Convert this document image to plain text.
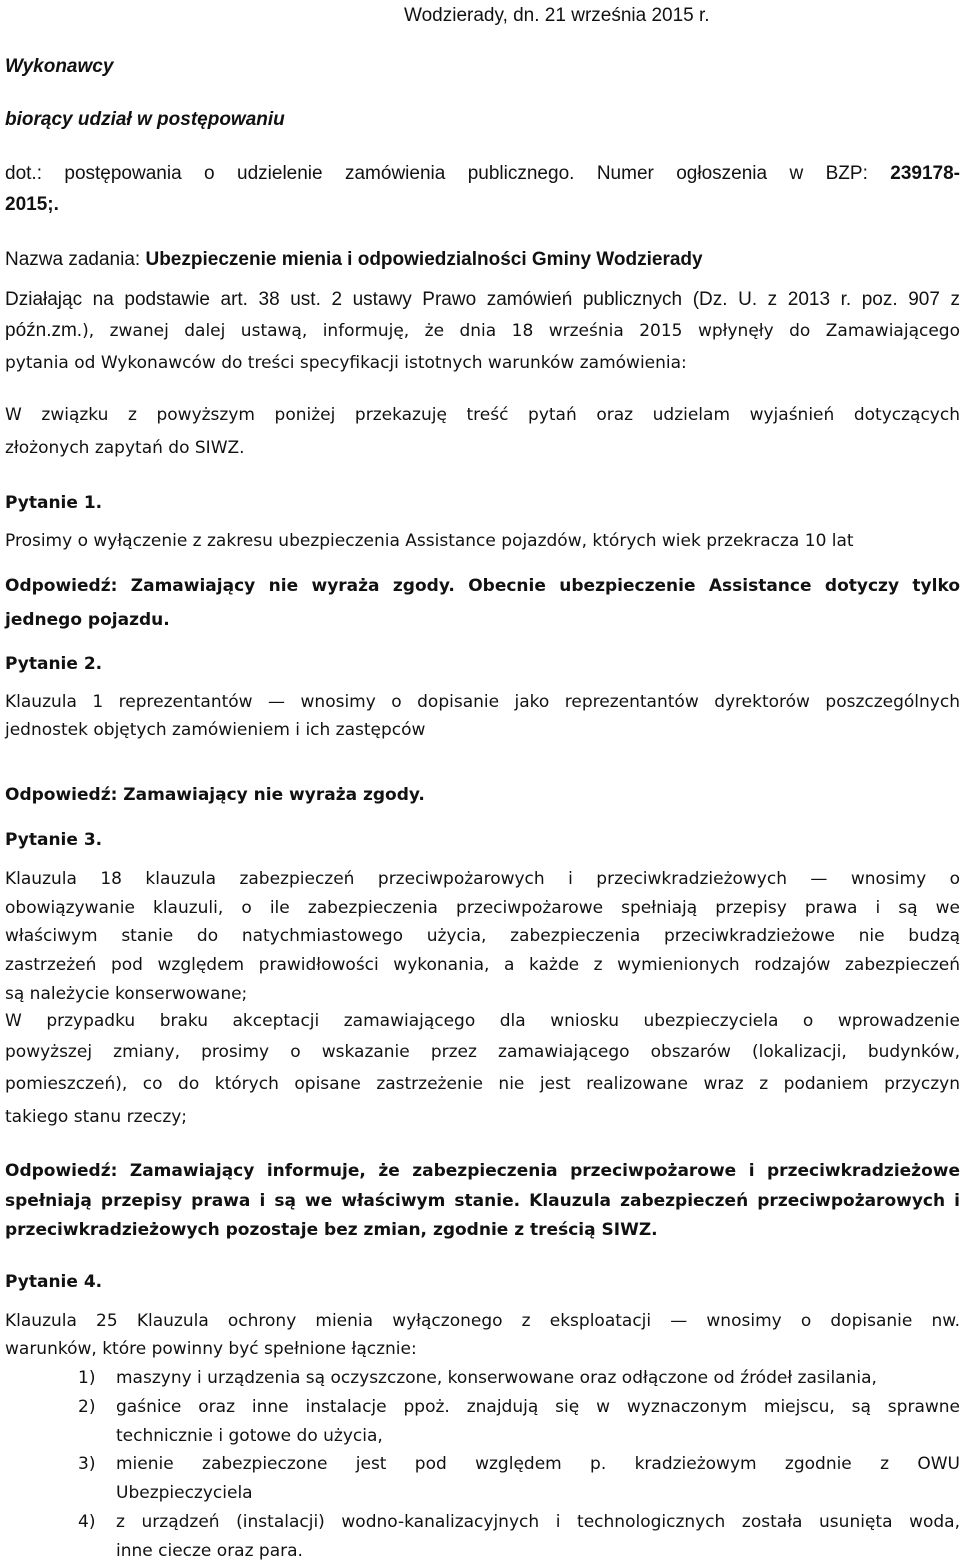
Wodzierady, dn. 21 września 2015 r.

Wykonawcy

biorący udział w postępowaniu

dot.: postępowania o udzielenie zamówienia publicznego. Numer ogłoszenia w BZP: 239178-

2015;.

Nazwa zadania: Ubezpieczenie mienia i odpowiedzialności Gminy Wodzierady

Działając na podstawie art. 38 ust. 2 ustawy Prawo zamówień publicznych (Dz. U. z 2013 r. poz. 907 z

późn.zm.), zwanej dalej ustawą, informuję, że dnia 18 września 2015 wpłynęły do Zamawiającego

pytania od Wykonawców do treści specyfikacji istotnych warunków zamówienia:

W związku z powyższym poniżej przekazuję treść pytań oraz udzielam wyjaśnień dotyczących

złożonych zapytań do SIWZ.

Pytanie 1.

Prosimy o wyłączenie z zakresu ubezpieczenia Assistance pojazdów, których wiek przekracza 10 lat

Odpowiedź: Zamawiający nie wyraża zgody. Obecnie ubezpieczenie Assistance dotyczy tylko

jednego pojazdu.

Pytanie 2.

Klauzula 1 reprezentantów — wnosimy o dopisanie jako reprezentantów dyrektorów poszczególnych

jednostek objętych zamówieniem i ich zastępców

Odpowiedź: Zamawiający nie wyraża zgody.

Pytanie 3.

Klauzula 18 klauzula zabezpieczeń przeciwpożarowych i przeciwkradzieżowych — wnosimy o

obowiązywanie klauzuli, o ile zabezpieczenia przeciwpożarowe spełniają przepisy prawa i są we

właściwym stanie do natychmiastowego użycia, zabezpieczenia przeciwkradzieżowe nie budzą

zastrzeżeń pod względem prawidłowości wykonania, a każde z wymienionych rodzajów zabezpieczeń

są należycie konserwowane;

W przypadku braku akceptacji zamawiającego dla wniosku ubezpieczyciela o wprowadzenie

powyższej zmiany, prosimy o wskazanie przez zamawiającego obszarów (lokalizacji, budynków,

pomieszczeń), co do których opisane zastrzeżenie nie jest realizowane wraz z podaniem przyczyn

takiego stanu rzeczy;

Odpowiedź: Zamawiający informuje, że zabezpieczenia przeciwpożarowe i przeciwkradzieżowe

spełniają przepisy prawa i są we właściwym stanie. Klauzula zabezpieczeń przeciwpożarowych i

przeciwkradzieżowych pozostaje bez zmian, zgodnie z treścią SIWZ.

Pytanie 4.

Klauzula 25 Klauzula ochrony mienia wyłączonego z eksploatacji — wnosimy o dopisanie nw.

warunków, które powinny być spełnione łącznie:

1) maszyny i urządzenia są oczyszczone, konserwowane oraz odłączone od źródeł zasilania,

2) gaśnice oraz inne instalacje ppoż. znajdują się w wyznaczonym miejscu, są sprawne

technicznie i gotowe do użycia,

3) mienie zabezpieczone jest pod względem p. kradzieżowym zgodnie z OWU

Ubezpieczyciela

4) z urządzeń (instalacji) wodno-kanalizacyjnych i technologicznych została usunięta woda,

inne ciecze oraz para.
